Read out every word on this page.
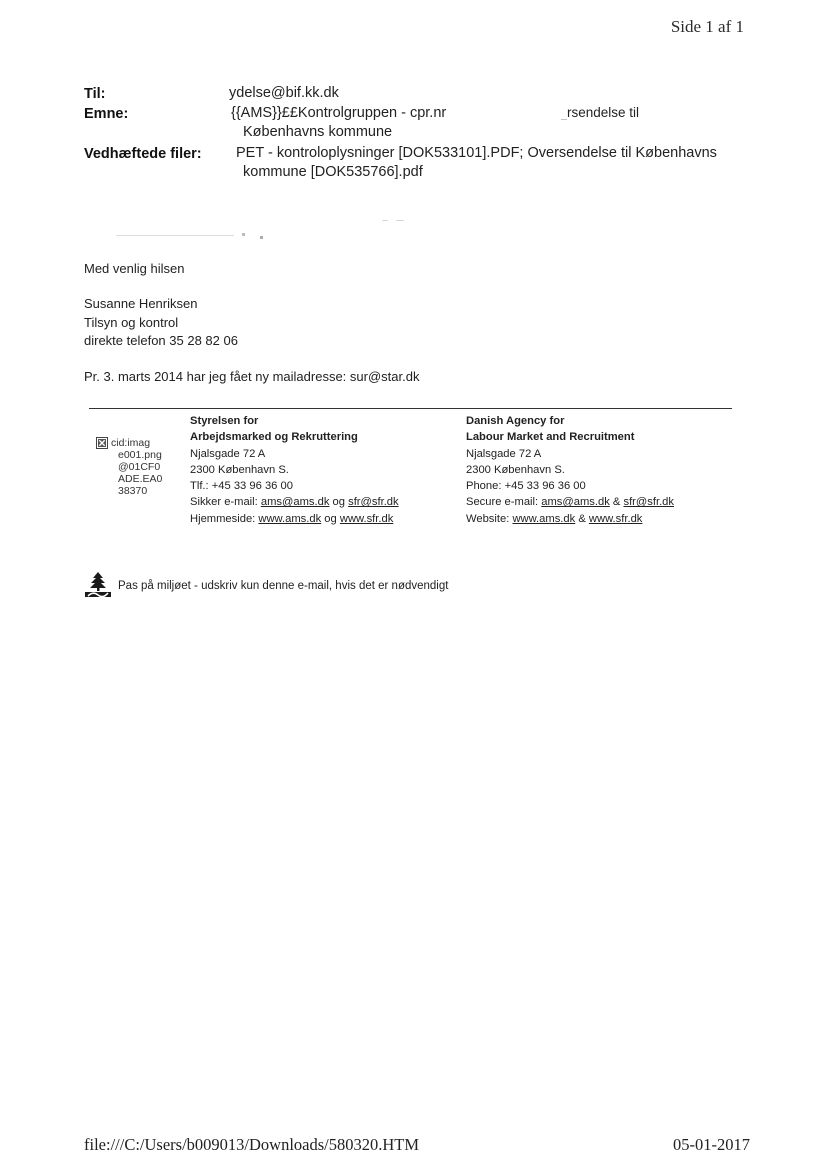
Side 1 af 1
Til:	ydelse@bif.kk.dk
Emne:	{{AMS}}££Kontrolgruppen - cpr.nr	rsendelse til
Københavns kommune
Vedhæftede filer: PET - kontroloplysninger [DOK533101].PDF; Oversendelse til Københavns
kommune [DOK535766].pdf
Med venlig hilsen
Susanne Henriksen
Tilsyn og kontrol
direkte telefon 35 28 82 06
Pr. 3. marts 2014 har jeg fået ny mailadresse: sur@star.dk
cid:imag
e001.png
@01CF0
ADE.EA0
38370
Styrelsen for
Arbejdsmarked og Rekruttering
Njalsgade 72 A
2300 København S.
Tlf.: +45 33 96 36 00
Sikker e-mail: ams@ams.dk og sfr@sfr.dk
Hjemmeside: www.ams.dk og www.sfr.dk
Danish Agency for
Labour Market and Recruitment
Njalsgade 72 A
2300 København S.
Phone: +45 33 96 36 00
Secure e-mail: ams@ams.dk & sfr@sfr.dk
Website: www.ams.dk & www.sfr.dk
Pas på miljøet - udskriv kun denne e-mail, hvis det er nødvendigt
file:///C:/Users/b009013/Downloads/580320.HTM	05-01-2017
